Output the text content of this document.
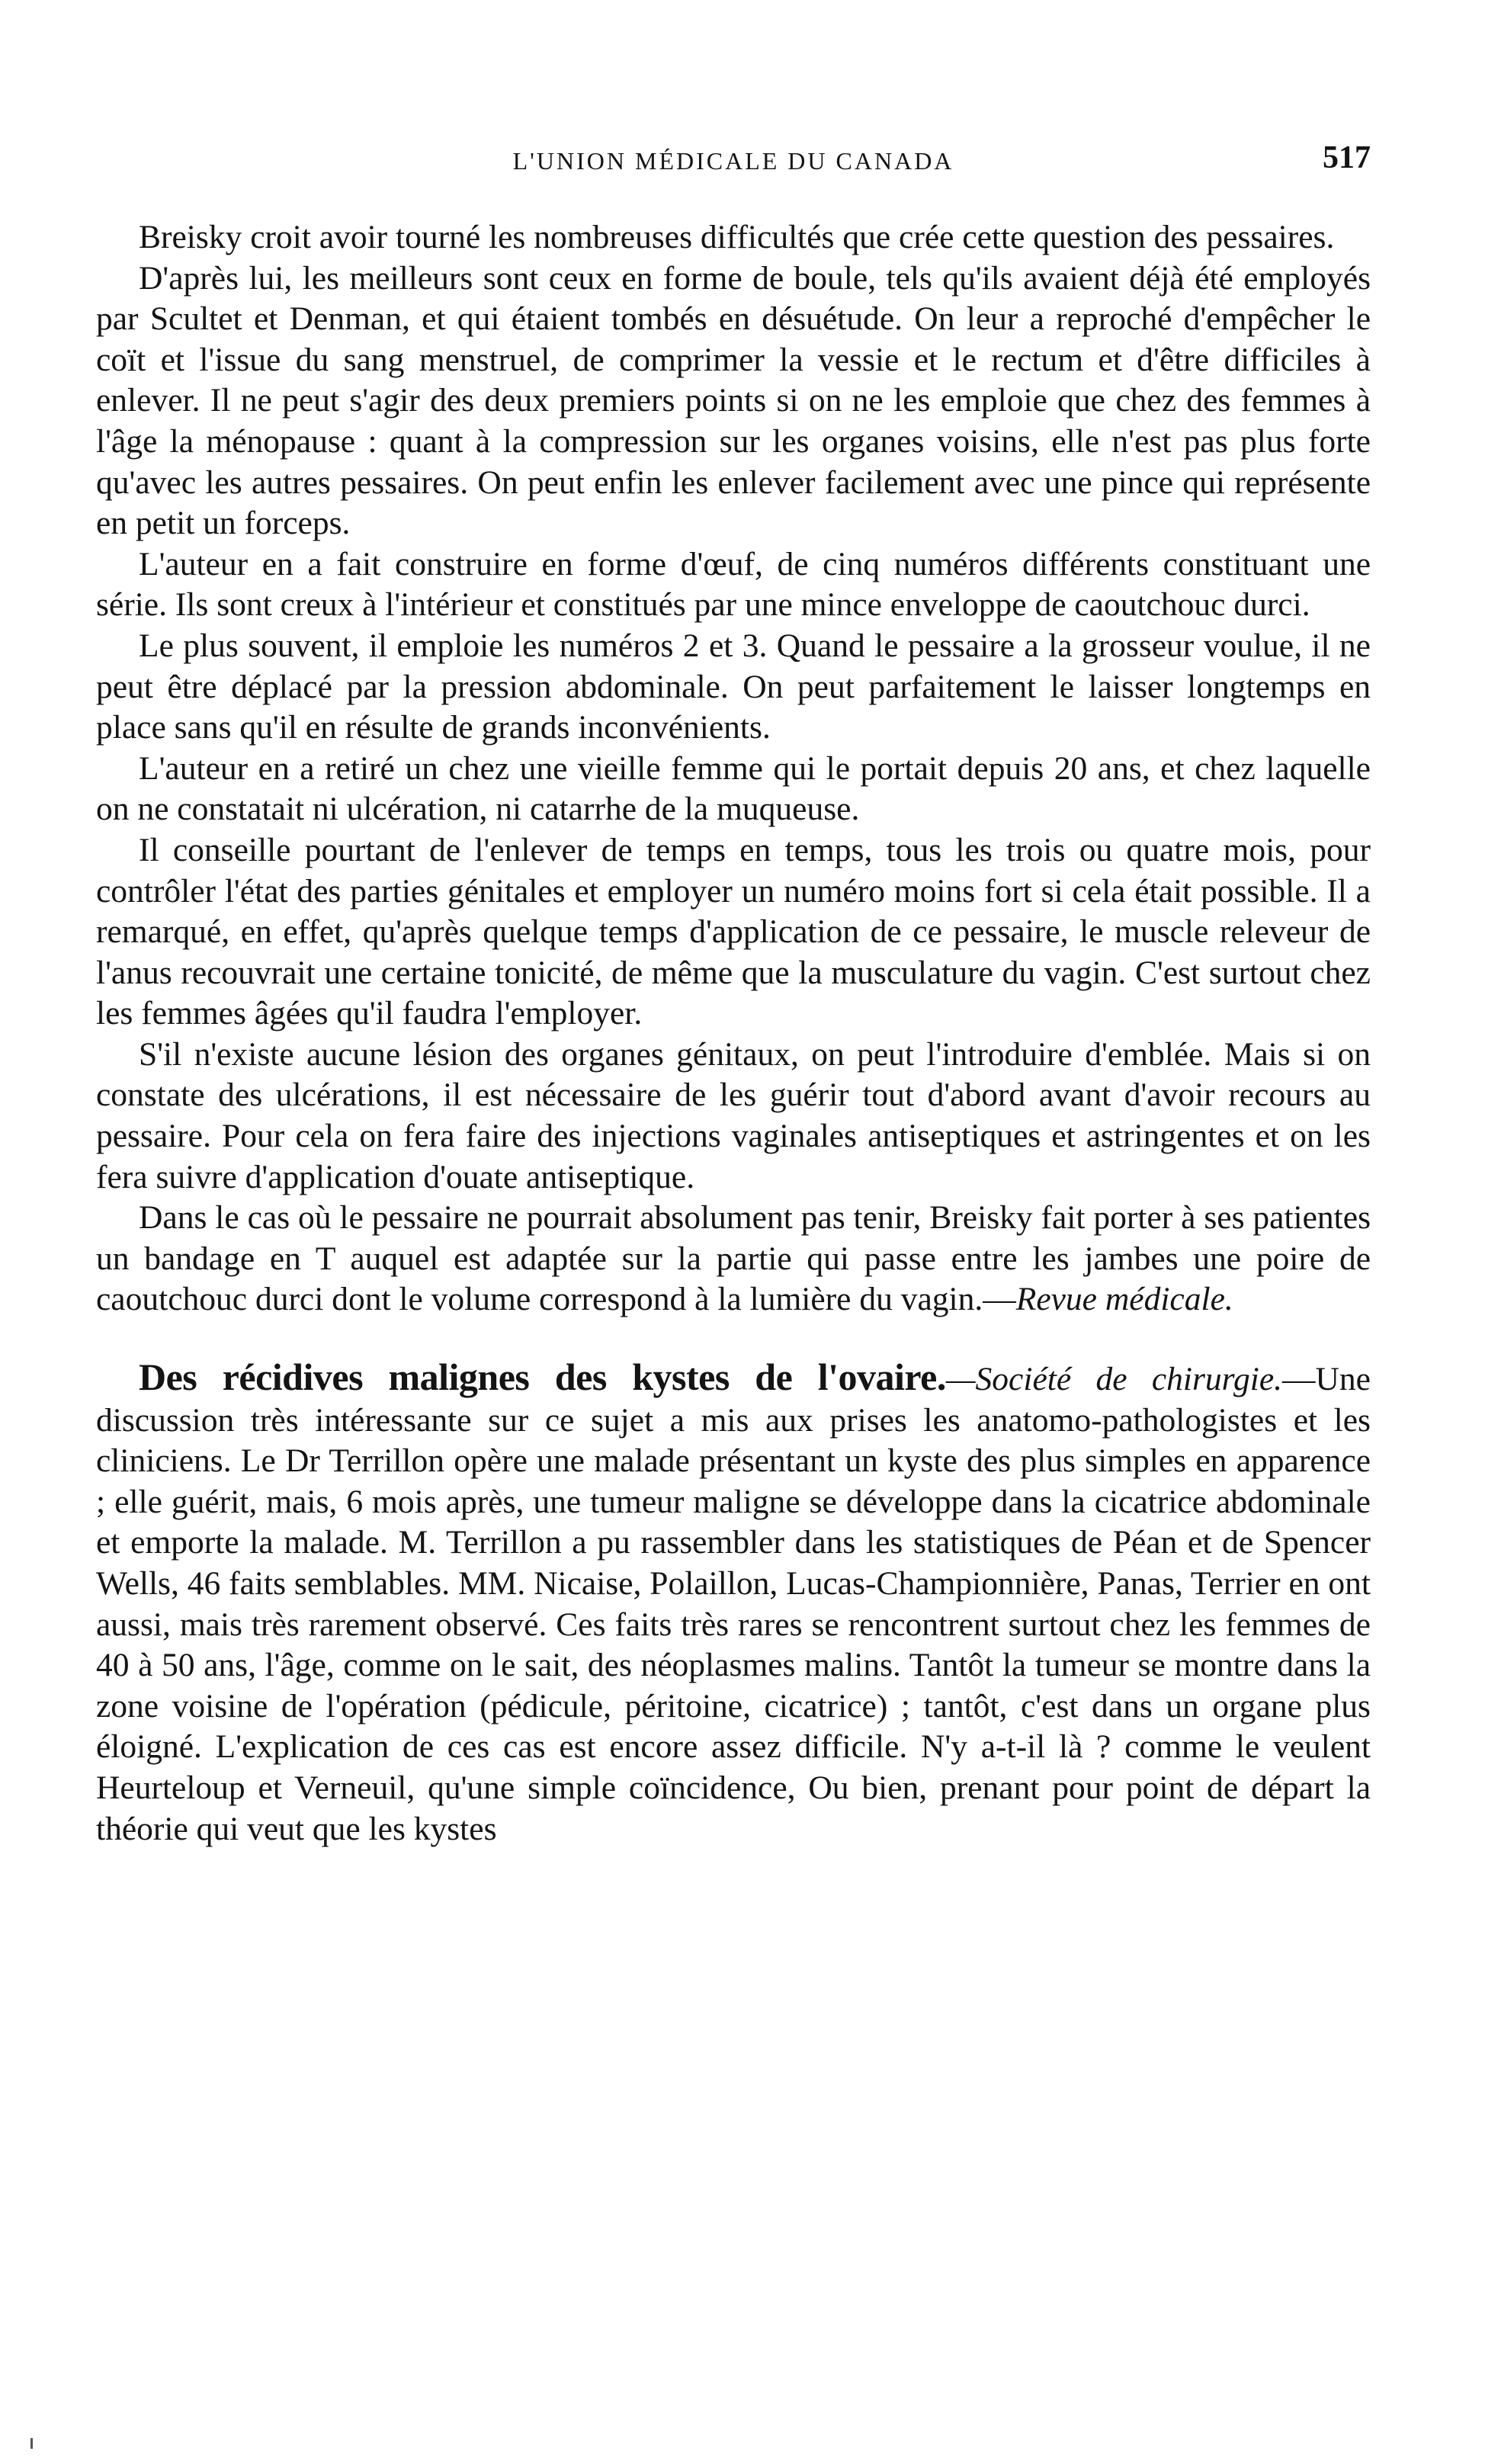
L'UNION MÉDICALE DU CANADA	517

Breisky croit avoir tourné les nombreuses difficultés que crée cette question des pessaires.

D'après lui, les meilleurs sont ceux en forme de boule, tels qu'ils avaient déjà été employés par Scultet et Denman, et qui étaient tombés en désuétude. On leur a reproché d'empêcher le coït et l'issue du sang menstruel, de comprimer la vessie et le rectum et d'être difficiles à enlever. Il ne peut s'agir des deux premiers points si on ne les emploie que chez des femmes à l'âge la ménopause : quant à la compression sur les organes voisins, elle n'est pas plus forte qu'avec les autres pessaires. On peut enfin les enlever facilement avec une pince qui représente en petit un forceps.

L'auteur en a fait construire en forme d'œuf, de cinq numéros différents constituant une série. Ils sont creux à l'intérieur et constitués par une mince enveloppe de caoutchouc durci.

Le plus souvent, il emploie les numéros 2 et 3. Quand le pessaire a la grosseur voulue, il ne peut être déplacé par la pression abdominale. On peut parfaitement le laisser longtemps en place sans qu'il en résulte de grands inconvénients.

L'auteur en a retiré un chez une vieille femme qui le portait depuis 20 ans, et chez laquelle on ne constatait ni ulcération, ni catarrhe de la muqueuse.

Il conseille pourtant de l'enlever de temps en temps, tous les trois ou quatre mois, pour contrôler l'état des parties génitales et employer un numéro moins fort si cela était possible. Il a remarqué, en effet, qu'après quelque temps d'application de ce pessaire, le muscle releveur de l'anus recouvrait une certaine tonicité, de même que la musculature du vagin. C'est surtout chez les femmes âgées qu'il faudra l'employer.

S'il n'existe aucune lésion des organes génitaux, on peut l'introduire d'emblée. Mais si on constate des ulcérations, il est nécessaire de les guérir tout d'abord avant d'avoir recours au pessaire. Pour cela on fera faire des injections vaginales antiseptiques et astringentes et on les fera suivre d'application d'ouate antiseptique.

Dans le cas où le pessaire ne pourrait absolument pas tenir, Breisky fait porter à ses patientes un bandage en T auquel est adaptée sur la partie qui passe entre les jambes une poire de caoutchouc durci dont le volume correspond à la lumière du vagin.—Revue médicale.

Des récidives malignes des kystes de l'ovaire.—Société de chirurgie.—Une discussion très intéressante sur ce sujet a mis aux prises les anatomo-pathologistes et les cliniciens. Le Dr Terrillon opère une malade présentant un kyste des plus simples en apparence ; elle guérit, mais, 6 mois après, une tumeur maligne se développe dans la cicatrice abdominale et emporte la malade. M. Terrillon a pu rassembler dans les statistiques de Péan et de Spencer Wells, 46 faits semblables. MM. Nicaise, Polaillon, Lucas-Championnière, Panas, Terrier en ont aussi, mais très rarement observé. Ces faits très rares se rencontrent surtout chez les femmes de 40 à 50 ans, l'âge, comme on le sait, des néoplasmes malins. Tantôt la tumeur se montre dans la zone voisine de l'opération (pédicule, péritoine, cicatrice) ; tantôt, c'est dans un organe plus éloigné. L'explication de ces cas est encore assez difficile. N'y a-t-il là ? comme le veulent Heurteloup et Verneuil, qu'une simple coïncidence, Ou bien, prenant pour point de départ la théorie qui veut que les kystes
